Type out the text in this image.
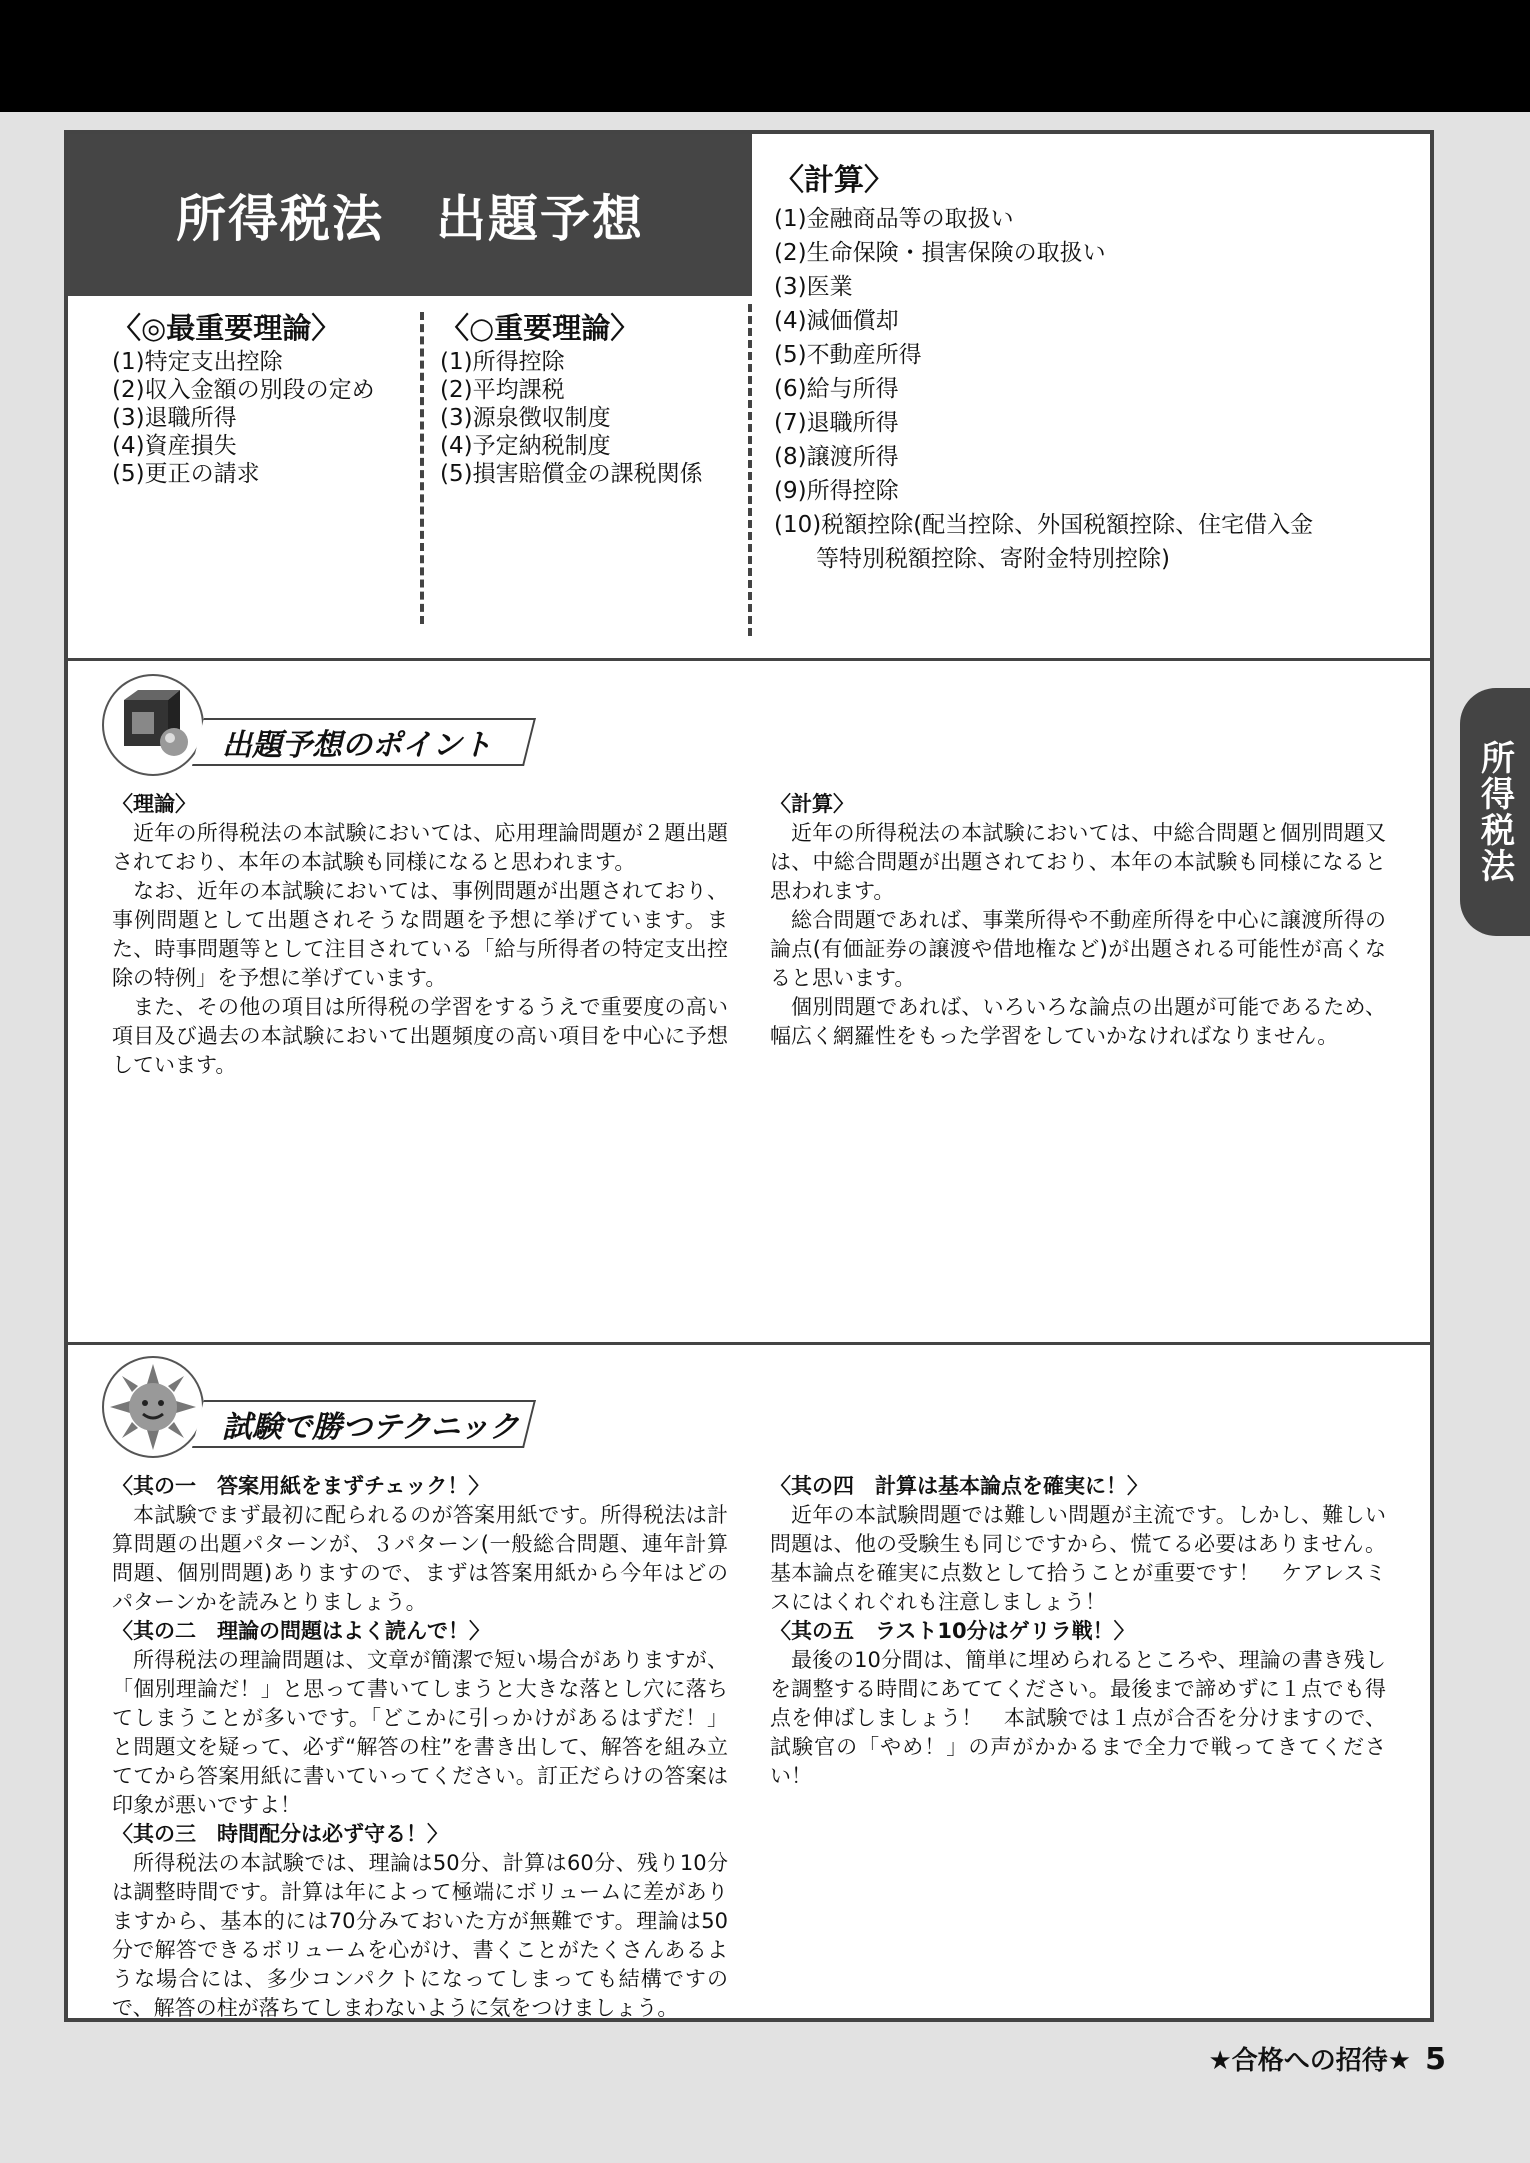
所得税法　出題予想
〈◎最重要理論〉
(1)特定支出控除
(2)収入金額の別段の定め
(3)退職所得
(4)資産損失
(5)更正の請求
〈○重要理論〉
(1)所得控除
(2)平均課税
(3)源泉徴収制度
(4)予定納税制度
(5)損害賠償金の課税関係
〈計算〉
(1)金融商品等の取扱い
(2)生命保険・損害保険の取扱い
(3)医業
(4)減価償却
(5)不動産所得
(6)給与所得
(7)退職所得
(8)譲渡所得
(9)所得控除
(10)税額控除(配当控除、外国税額控除、住宅借入金
等特別税額控除、寄附金特別控除)
出題予想のポイント
〈理論〉

近年の所得税法の本試験においては、応用理論問題が２題出題されており、本年の本試験も同様になると思われます。

なお、近年の本試験においては、事例問題が出題されており、事例問題として出題されそうな問題を予想に挙げています。また、時事問題等として注目されている「給与所得者の特定支出控除の特例」を予想に挙げています。

また、その他の項目は所得税の学習をするうえで重要度の高い項目及び過去の本試験において出題頻度の高い項目を中心に予想しています。

〈計算〉

近年の所得税法の本試験においては、中総合問題と個別問題又は、中総合問題が出題されており、本年の本試験も同様になると思われます。

総合問題であれば、事業所得や不動産所得を中心に譲渡所得の論点(有価証券の譲渡や借地権など)が出題される可能性が高くなると思います。

個別問題であれば、いろいろな論点の出題が可能であるため、幅広く網羅性をもった学習をしていかなければなりません。

試験で勝つテクニック
〈其の一　答案用紙をまずチェック！〉

本試験でまず最初に配られるのが答案用紙です。所得税法は計算問題の出題パターンが、３パターン(一般総合問題、連年計算問題、個別問題)ありますので、まずは答案用紙から今年はどのパターンかを読みとりましょう。

〈其の二　理論の問題はよく読んで！〉

所得税法の理論問題は、文章が簡潔で短い場合がありますが、「個別理論だ！」と思って書いてしまうと大きな落とし穴に落ちてしまうことが多いです。「どこかに引っかけがあるはずだ！」と問題文を疑って、必ず“解答の柱”を書き出して、解答を組み立ててから答案用紙に書いていってください。訂正だらけの答案は印象が悪いですよ！

〈其の三　時間配分は必ず守る！〉

所得税法の本試験では、理論は50分、計算は60分、残り10分は調整時間です。計算は年によって極端にボリュームに差がありますから、基本的には70分みておいた方が無難です。理論は50分で解答できるボリュームを心がけ、書くことがたくさんあるような場合には、多少コンパクトになってしまっても結構ですので、解答の柱が落ちてしまわないように気をつけましょう。

〈其の四　計算は基本論点を確実に！〉

近年の本試験問題では難しい問題が主流です。しかし、難しい問題は、他の受験生も同じですから、慌てる必要はありません。基本論点を確実に点数として拾うことが重要です！　ケアレスミスにはくれぐれも注意しましょう！

〈其の五　ラスト10分はゲリラ戦！〉

最後の10分間は、簡単に埋められるところや、理論の書き残しを調整する時間にあててください。最後まで諦めずに１点でも得点を伸ばしましょう！　本試験では１点が合否を分けますので、試験官の「やめ！」の声がかかるまで全力で戦ってきてください！

所得税法
★合格への招待★ 5
